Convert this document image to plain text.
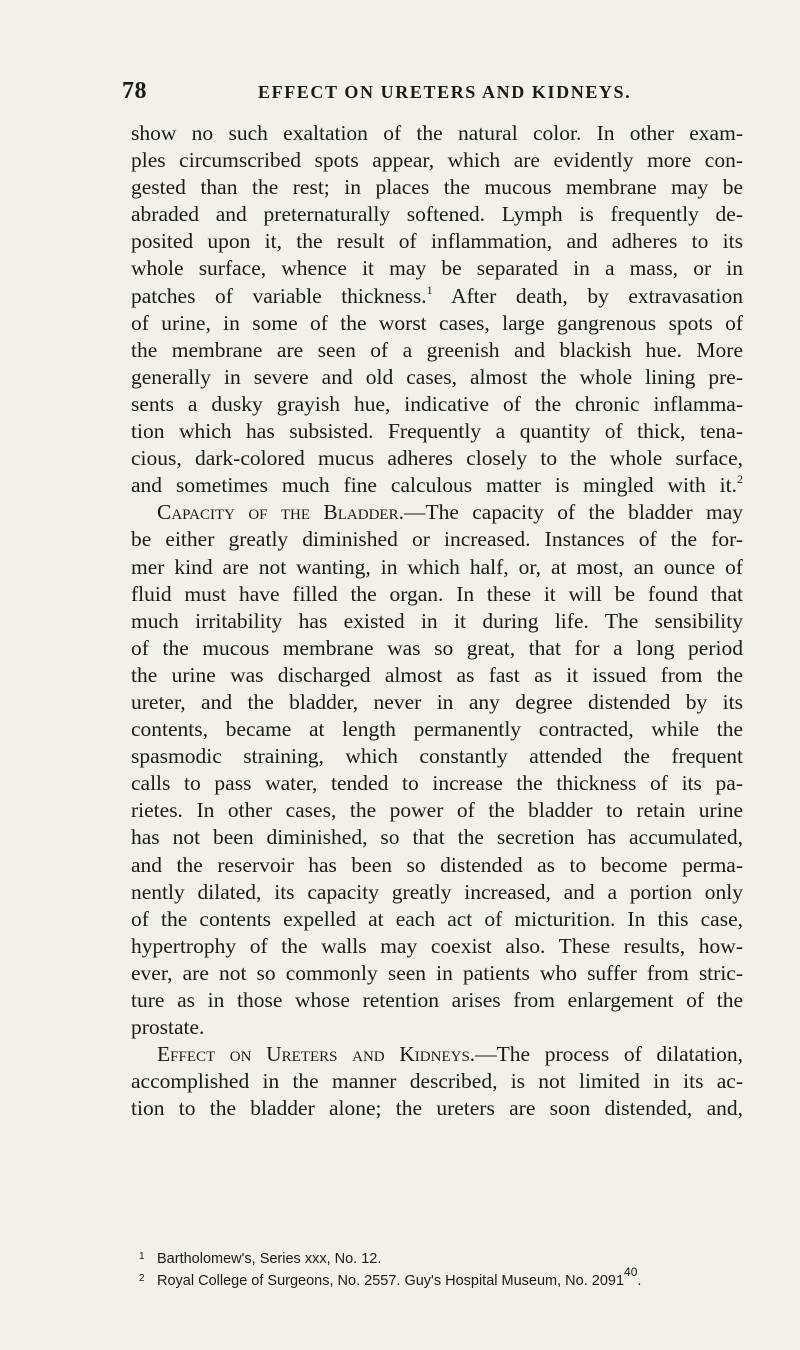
78	EFFECT ON URETERS AND KIDNEYS.
show no such exaltation of the natural color. In other exam-
ples circumscribed spots appear, which are evidently more con-
gested than the rest; in places the mucous membrane may be
abraded and preternaturally softened. Lymph is frequently de-
posited upon it, the result of inflammation, and adheres to its
whole surface, whence it may be separated in a mass, or in
patches of variable thickness.$^1$ After death, by extravasation
of urine, in some of the worst cases, large gangrenous spots of
the membrane are seen of a greenish and blackish hue. More
generally in severe and old cases, almost the whole lining pre-
sents a dusky grayish hue, indicative of the chronic inflamma-
tion which has subsisted. Frequently a quantity of thick, tena-
cious, dark-colored mucus adheres closely to the whole surface,
and sometimes much fine calculous matter is mingled with it.$^2$
Capacity of the Bladder.—The capacity of the bladder may
be either greatly diminished or increased. Instances of the for-
mer kind are not wanting, in which half, or, at most, an ounce of
fluid must have filled the organ. In these it will be found that
much irritability has existed in it during life. The sensibility
of the mucous membrane was so great, that for a long period
the urine was discharged almost as fast as it issued from the
ureter, and the bladder, never in any degree distended by its
contents, became at length permanently contracted, while the
spasmodic straining, which constantly attended the frequent
calls to pass water, tended to increase the thickness of its pa-
rietes. In other cases, the power of the bladder to retain urine
has not been diminished, so that the secretion has accumulated,
and the reservoir has been so distended as to become perma-
nently dilated, its capacity greatly increased, and a portion only
of the contents expelled at each act of micturition. In this case,
hypertrophy of the walls may coexist also. These results, how-
ever, are not so commonly seen in patients who suffer from stric-
ture as in those whose retention arises from enlargement of the
prostate.
Effect on Ureters and Kidneys.—The process of dilatation,
accomplished in the manner described, is not limited in its ac-
tion to the bladder alone; the ureters are soon distended, and,
1 Bartholomew's, Series xxx, No. 12.
2 Royal College of Surgeons, No. 2557. Guy's Hospital Museum, No. 2091$^{40}$.
